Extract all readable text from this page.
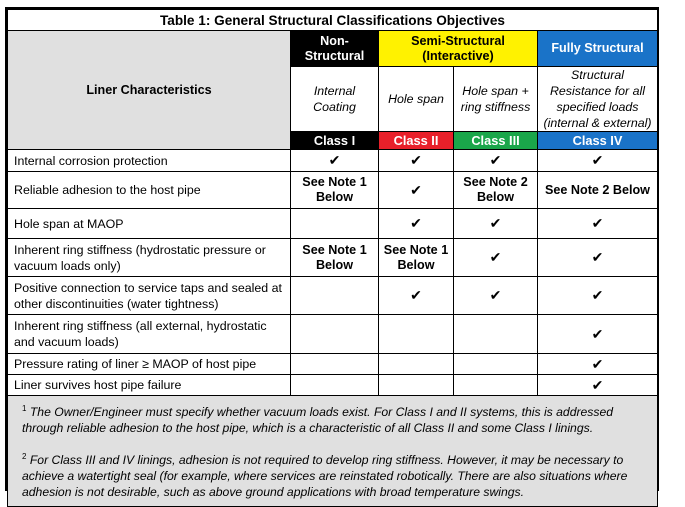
Table 1: General Structural Classifications Objectives				
Liner Characteristics	Non-Structural	Semi-Structural (Interactive)		Fully Structural
	Internal Coating	Hole span	Hole span + ring stiffness	Structural Resistance for all specified loads (internal & external)
	Class I	Class II	Class III	Class IV
Internal corrosion protection	✔	✔	✔	✔
Reliable adhesion to the host pipe	See Note 1 Below	✔	See Note 2 Below	See Note 2 Below
Hole span at MAOP		✔	✔	✔
Inherent ring stiffness (hydrostatic pressure or vacuum loads only)	See Note 1 Below	See Note 1 Below	✔	✔
Positive connection to service taps and sealed at other discontinuities (water tightness)		✔	✔	✔
Inherent ring stiffness (all external, hydrostatic and vacuum loads)				✔
Pressure rating of liner ≥ MAOP of host pipe				✔
Liner survives host pipe failure				✔

$^1$ The Owner/Engineer must specify whether vacuum loads exist. For Class I and II systems, this is addressed through reliable adhesion to the host pipe, which is a characteristic of all Class II and some Class I linings.

$^2$ For Class III and IV linings, adhesion is not required to develop ring stiffness. However, it may be necessary to achieve a watertight seal (for example, where services are reinstated robotically. There are also situations where adhesion is not desirable, such as above ground applications with broad temperature swings.				
